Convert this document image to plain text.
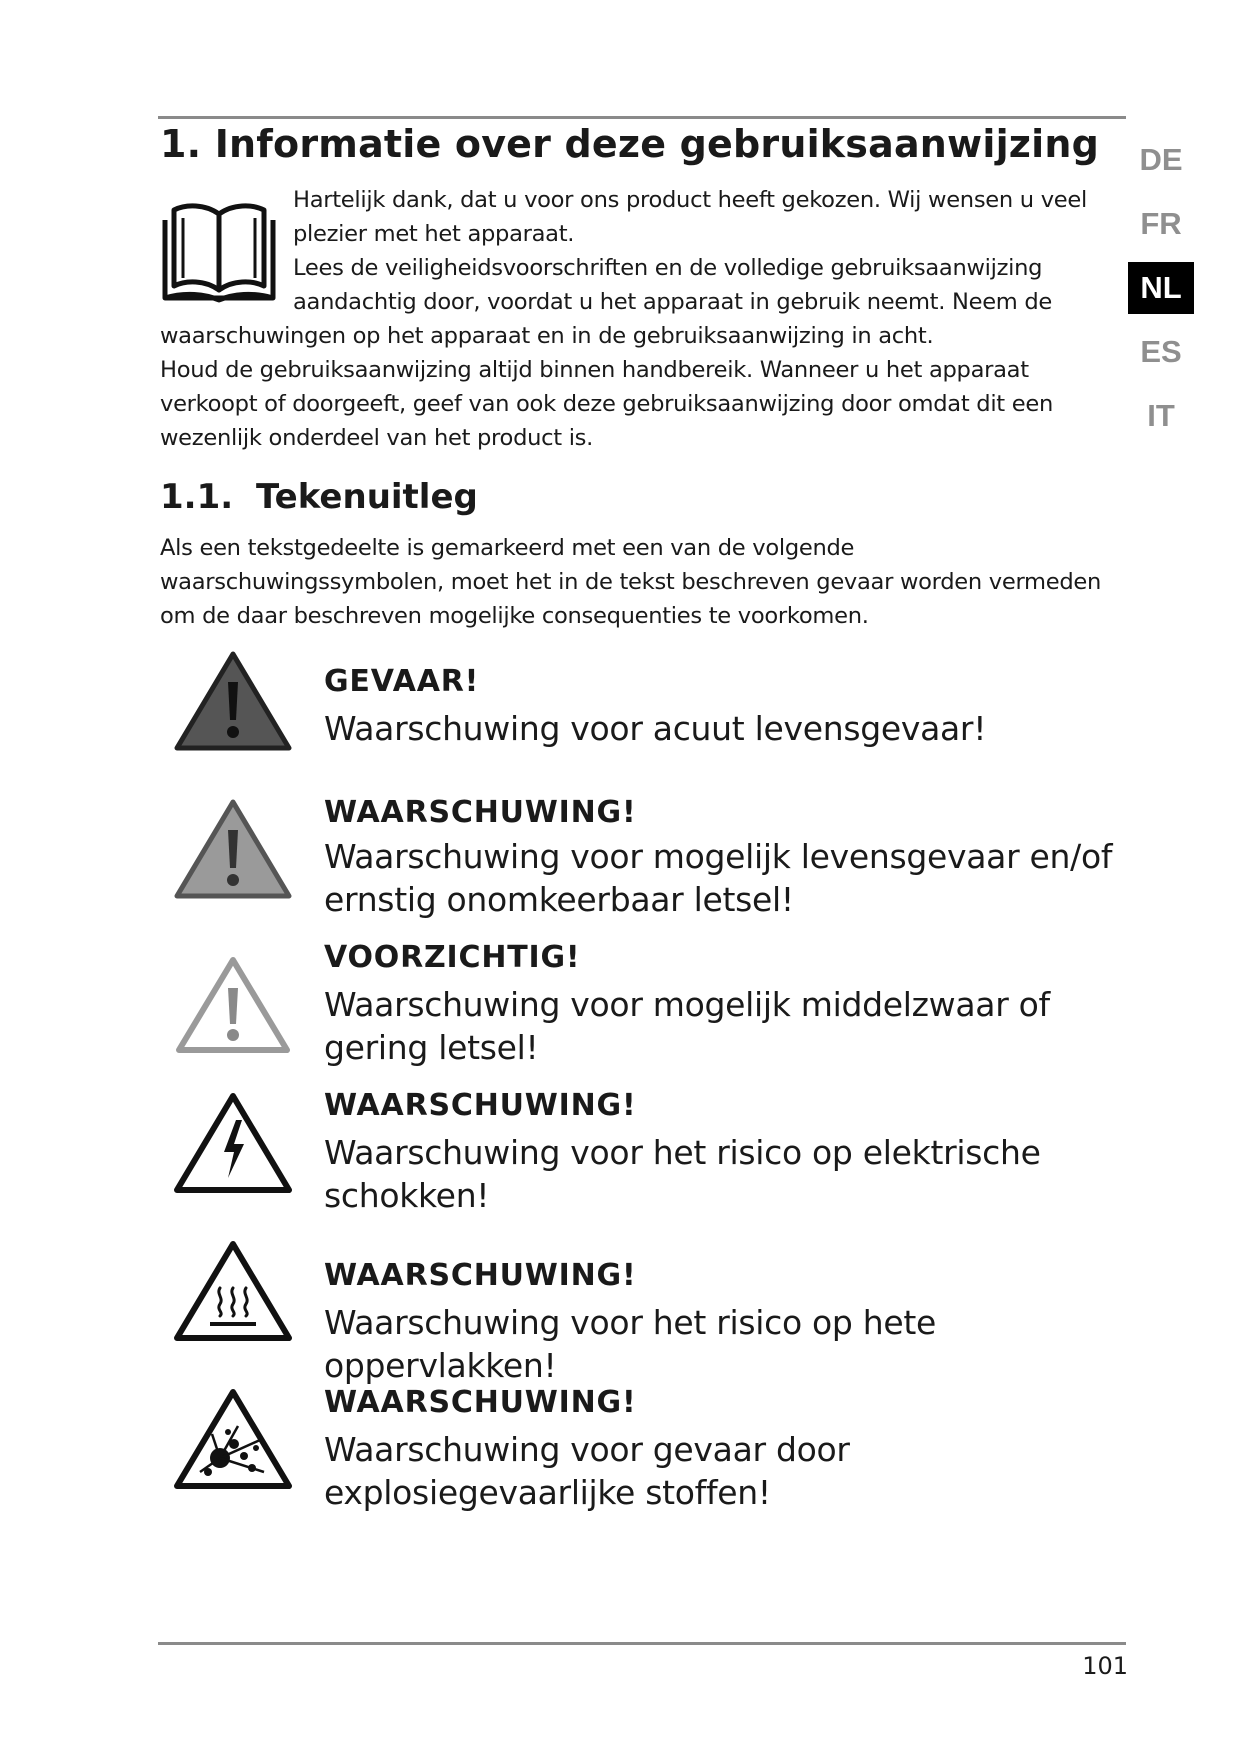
1. Informatie over deze gebruiksaanwijzing

Hartelijk dank, dat u voor ons product heeft gekozen. Wij wensen u veel plezier met het apparaat.

Lees de veiligheidsvoorschriften en de volledige gebruiksaanwijzing aandachtig door, voordat u het apparaat in gebruik neemt. Neem de waarschuwingen op het apparaat en in de gebruiksaanwijzing in acht.

Houd de gebruiksaanwijzing altijd binnen handbereik. Wanneer u het apparaat verkoopt of doorgeeft, geef van ook deze gebruiksaanwijzing door omdat dit een wezenlijk onderdeel van het product is.

1.1. Tekenuitleg

Als een tekstgedeelte is gemarkeerd met een van de volgende waarschuwingssymbolen, moet het in de tekst beschreven gevaar worden vermeden om de daar beschreven mogelijke consequenties te voorkomen.

DE
FR
NL
ES
IT

GEVAAR!

Waarschuwing voor acuut levensgevaar!

WAARSCHUWING!

Waarschuwing voor mogelijk levensgevaar en/of ernstig onomkeerbaar letsel!

VOORZICHTIG!

Waarschuwing voor mogelijk middelzwaar of gering letsel!

WAARSCHUWING!

Waarschuwing voor het risico op elektrische schokken!

WAARSCHUWING!

Waarschuwing voor het risico op hete oppervlakken!

WAARSCHUWING!

Waarschuwing voor gevaar door explosiegevaarlijke stoffen!

101
